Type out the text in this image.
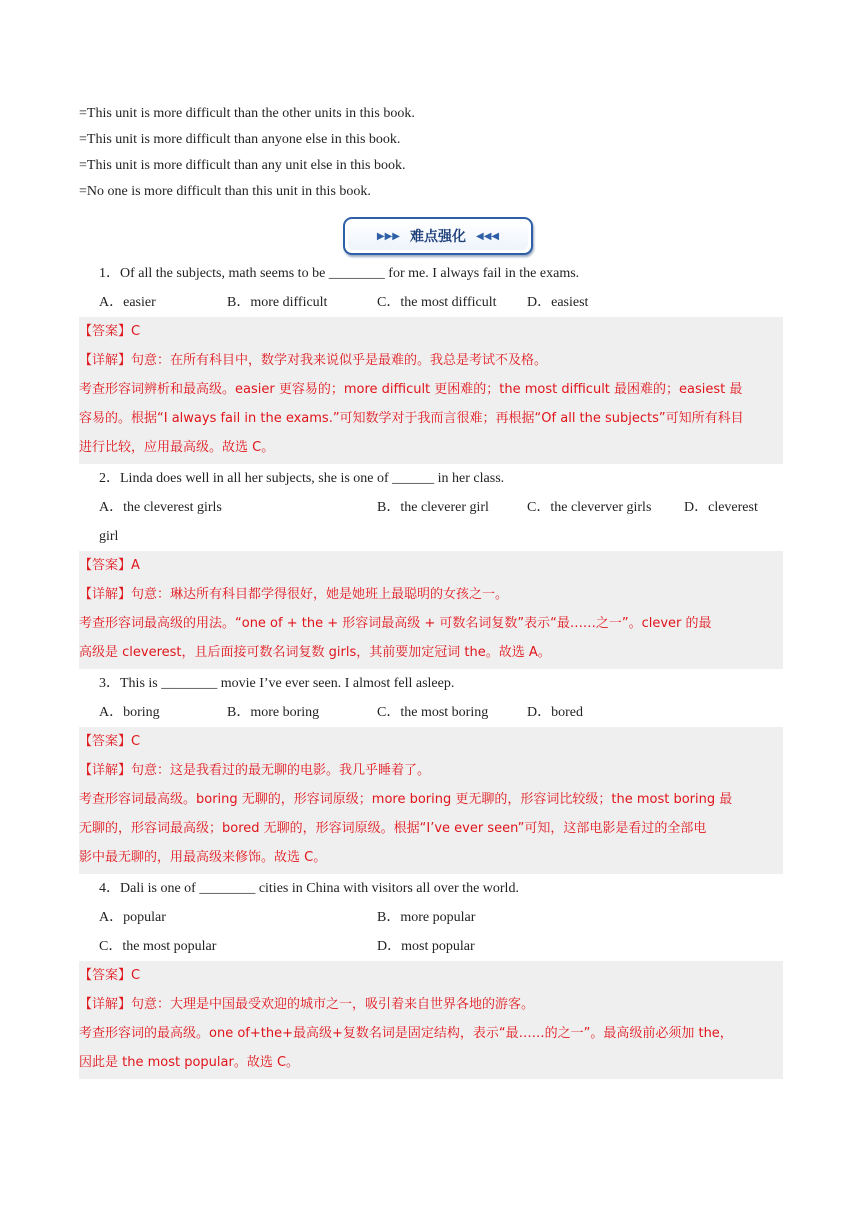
=This unit is more difficult than the other units in this book.
=This unit is more difficult than anyone else in this book.
=This unit is more difficult than any unit else in this book.
=No one is more difficult than this unit in this book.
▶▶▶ 难点强化 ◀◀◀
1．Of all the subjects, math seems to be ________ for me. I always fail in the exams.
A．easier	B．more difficult	C．the most difficult D．easiest
【答案】C
【详解】句意：在所有科目中，数学对我来说似乎是最难的。我总是考试不及格。
考查形容词辨析和最高级。easier 更容易的；more difficult 更困难的；the most difficult 最困难的；easiest 最
容易的。根据“I always fail in the exams.”可知数学对于我而言很难；再根据“Of all the subjects”可知所有科目
进行比较，应用最高级。故选 C。
2．Linda does well in all her subjects, she is one of ______ in her class.
A．the cleverest girls	B．the cleverer girl	C．the cleverver girls D．cleverest
girl
【答案】A
【详解】句意：琳达所有科目都学得很好，她是她班上最聪明的女孩之一。
考查形容词最高级的用法。“one of + the + 形容词最高级 + 可数名词复数”表示“最……之一”。clever 的最
高级是 cleverest，且后面接可数名词复数 girls，其前要加定冠词 the。故选 A。
3．This is ________ movie I’ve ever seen. I almost fell asleep.
A．boring	B．more boring	C．the most boring	D．bored
【答案】C
【详解】句意：这是我看过的最无聊的电影。我几乎睡着了。
考查形容词最高级。boring 无聊的，形容词原级；more boring 更无聊的，形容词比较级；the most boring 最
无聊的，形容词最高级；bored 无聊的，形容词原级。根据“I’ve ever seen”可知，这部电影是看过的全部电
影中最无聊的，用最高级来修饰。故选 C。
4．Dali is one of ________ cities in China with visitors all over the world.
A．popular	B．more popular
C．the most popular	D．most popular
【答案】C
【详解】句意：大理是中国最受欢迎的城市之一，吸引着来自世界各地的游客。
考查形容词的最高级。one of+the+最高级+复数名词是固定结构，表示“最……的之一”。最高级前必须加 the，
因此是 the most popular。故选 C。
